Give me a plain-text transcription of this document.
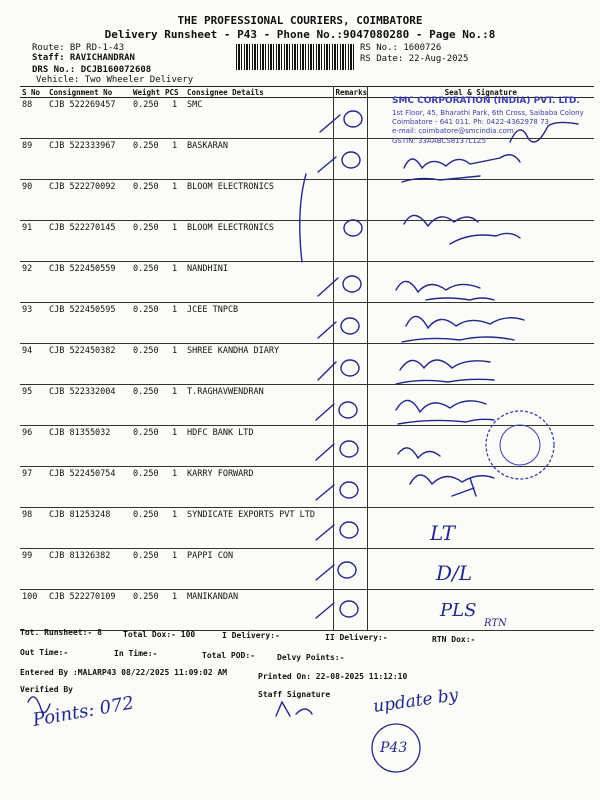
THE PROFESSIONAL COURIERS, COIMBATORE
Delivery Runsheet - P43 - Phone No.:9047080280 - Page No.:8
Route: BP RD-1-43
Staff: RAVICHANDRAN
DRS No.: DCJB160072608
Vehicle: Two Wheeler Delivery
RS No.: 1600726
RS Date: 22-Aug-2025
S No	Consignment No	Weight	PCS	Consignee Details	Remarks	Seal & Signature
88	CJB 522269457	0.250	1	SMC		
89	CJB 522333967	0.250	1	BASKARAN		
90	CJB 522270092	0.250	1	BLOOM ELECTRONICS		
91	CJB 522270145	0.250	1	BLOOM ELECTRONICS		
92	CJB 522450559	0.250	1	NANDHINI		
93	CJB 522450595	0.250	1	JCEE TNPCB		
94	CJB 522450382	0.250	1	SHREE KANDHA DIARY		
95	CJB 522332004	0.250	1	T.RAGHAVWENDRAN		
96	CJB 81355032	0.250	1	HDFC BANK LTD		
97	CJB 522450754	0.250	1	KARRY FORWARD		
98	CJB 81253248	0.250	1	SYNDICATE EXPORTS PVT LTD		
99	CJB 81326382	0.250	1	PAPPI CON		
100	CJB 522270109	0.250	1	MANIKANDAN		
Tot. Runsheet:- 8	Total Dox:- 100	I Delivery:-	II Delivery:-	RTN Dox:-
Out Time:-	In Time:-	Total POD:-	Delvy Points:-
Entered By :MALARP43 08/22/2025 11:09:02 AM	Printed On: 22-08-2025 11:12:10
Verified By
Staff Signature
SMC CORPORATION (INDIA) PVT. LTD.
1st Floor, 45, Bharathi Park, 6th Cross, Saibaba Colony
Coimbatore - 641 011. Ph: 0422-4362978 73
e-mail: coimbatore@smcindia.com
GSTIN: 33AABCS8137L1Z5
LT
D/L
PLS
RTN
Points: 072	update by
P43
